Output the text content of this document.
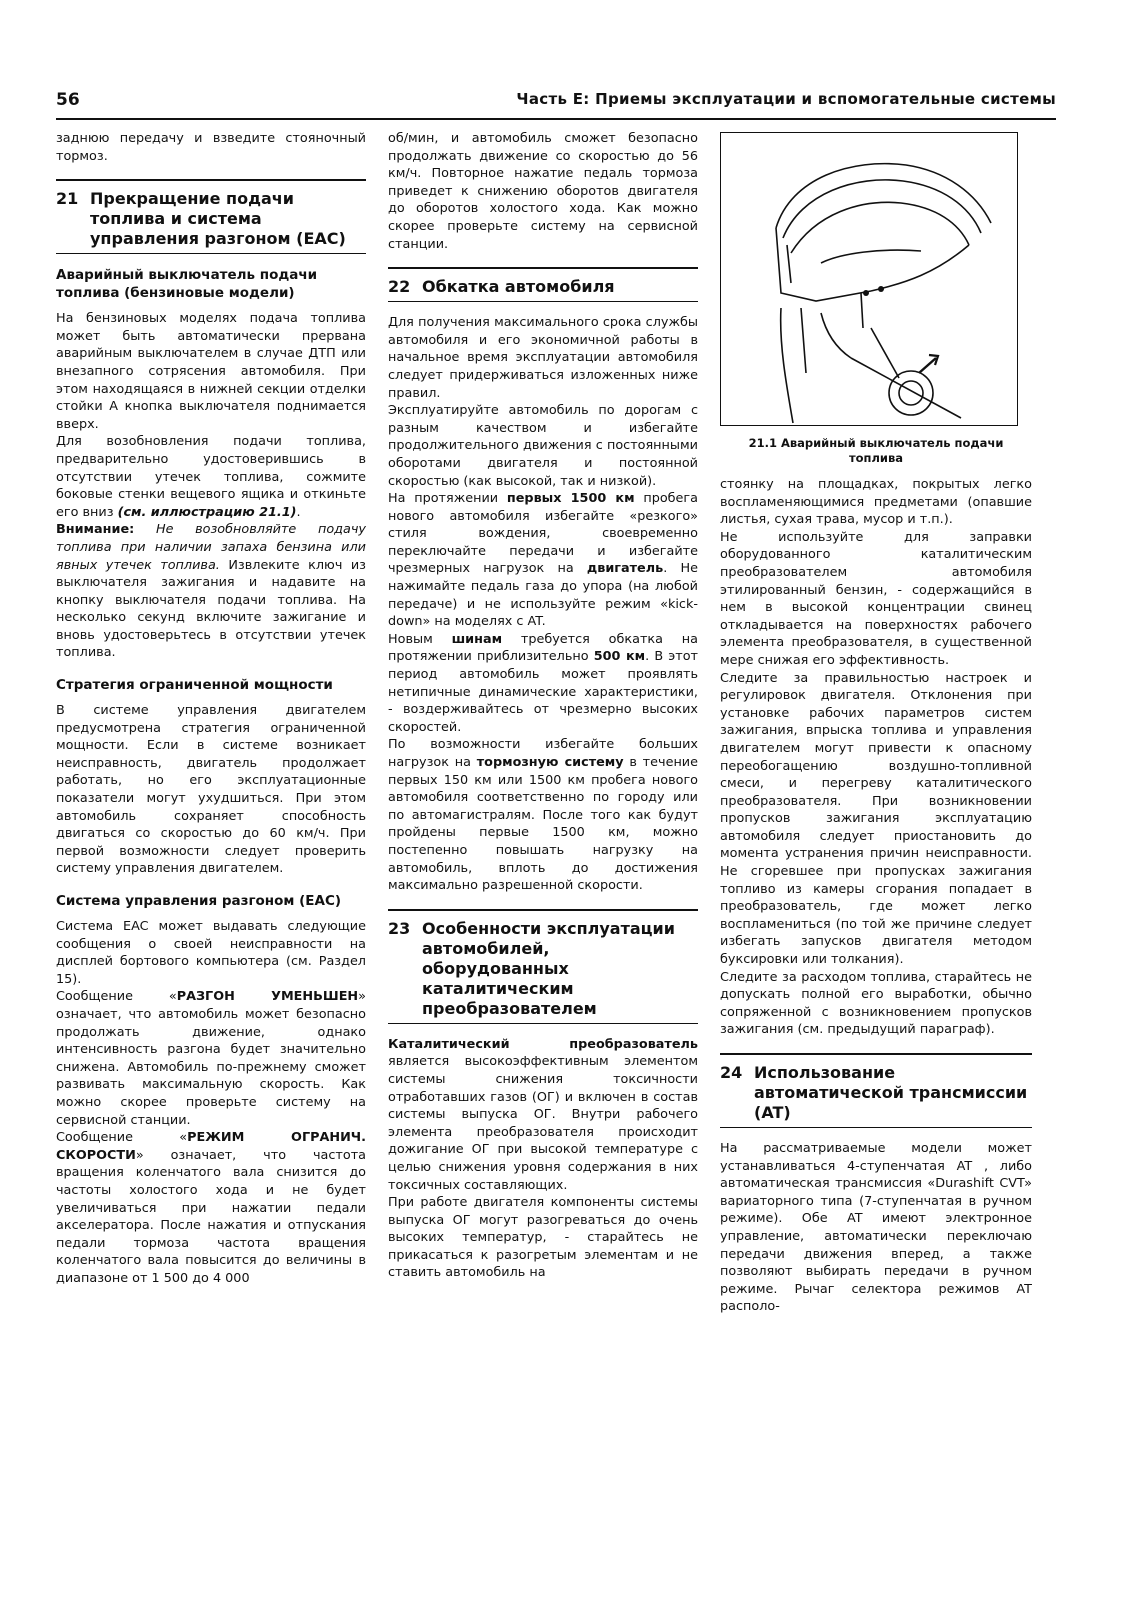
56	Часть E: Приемы эксплуатации и вспомогательные системы

заднюю передачу и взведите стояночный тормоз.

21 Прекращение подачи топлива и система управления разгоном (EAC)
Аварийный выключатель подачи топлива (бензиновые модели)

На бензиновых моделях подача топлива может быть автоматически прервана аварийным выключателем в случае ДТП или внезапного сотрясения автомобиля. При этом находящаяся в нижней секции отделки стойки А кнопка выключателя поднимается вверх.

Для возобновления подачи топлива, предварительно удостоверившись в отсутствии утечек топлива, сожмите боковые стенки вещевого ящика и откиньте его вниз (см. иллюстрацию 21.1).

Внимание: Не возобновляйте подачу топлива при наличии запаха бензина или явных утечек топлива. Извлеките ключ из выключателя зажигания и надавите на кнопку выключателя подачи топлива. На несколько секунд включите зажигание и вновь удостоверьтесь в отсутствии утечек топлива.

Стратегия ограниченной мощности

В системе управления двигателем предусмотрена стратегия ограниченной мощности. Если в системе возникает неисправность, двигатель продолжает работать, но его эксплуатационные показатели могут ухудшиться. При этом автомобиль сохраняет способность двигаться со скоростью до 60 км/ч. При первой возможности следует проверить систему управления двигателем.

Система управления разгоном (EAC)

Система EAC может выдавать следующие сообщения о своей неисправности на дисплей бортового компьютера (см. Раздел 15).

Сообщение «РАЗГОН УМЕНЬШЕН» означает, что автомобиль может безопасно продолжать движение, однако интенсивность разгона будет значительно снижена. Автомобиль по-прежнему сможет развивать максимальную скорость. Как можно скорее проверьте систему на сервисной станции.

Сообщение «РЕЖИМ ОГРАНИЧ. СКОРОСТИ» означает, что частота вращения коленчатого вала снизится до частоты холостого хода и не будет увеличиваться при нажатии педали акселератора. После нажатия и отпускания педали тормоза частота вращения коленчатого вала повысится до величины в диапазоне от 1 500 до 4 000

об/мин, и автомобиль сможет безопасно продолжать движение со скоростью до 56 км/ч. Повторное нажатие педаль тормоза приведет к снижению оборотов двигателя до оборотов холостого хода. Как можно скорее проверьте систему на сервисной станции.

22 Обкатка автомобиля

Для получения максимального срока службы автомобиля и его экономичной работы в начальное время эксплуатации автомобиля следует придерживаться изложенных ниже правил.

Эксплуатируйте автомобиль по дорогам с разным качеством и избегайте продолжительного движения с постоянными оборотами двигателя и постоянной скоростью (как высокой, так и низкой).

На протяжении первых 1500 км пробега нового автомобиля избегайте «резкого» стиля вождения, своевременно переключайте передачи и избегайте чрезмерных нагрузок на двигатель. Не нажимайте педаль газа до упора (на любой передаче) и не используйте режим «kick-down» на моделях с AT.

Новым шинам требуется обкатка на протяжении приблизительно 500 км. В этот период автомобиль может проявлять нетипичные динамические характеристики, - воздерживайтесь от чрезмерно высоких скоростей.

По возможности избегайте больших нагрузок на тормозную систему в течение первых 150 км или 1500 км пробега нового автомобиля соответственно по городу или по автомагистралям. После того как будут пройдены первые 1500 км, можно постепенно повышать нагрузку на автомобиль, вплоть до достижения максимально разрешенной скорости.

23 Особенности эксплуатации автомобилей, оборудованных каталитическим преобразователем

Каталитический преобразователь является высокоэффективным элементом системы снижения токсичности отработавших газов (ОГ) и включен в состав системы выпуска ОГ. Внутри рабочего элемента преобразователя происходит дожигание ОГ при высокой температуре с целью снижения уровня содержания в них токсичных составляющих.

При работе двигателя компоненты системы выпуска ОГ могут разогреваться до очень высоких температур, - старайтесь не прикасаться к разогретым элементам и не ставить автомобиль на

21.1 Аварийный выключатель подачи топлива

стоянку на площадках, покрытых легко воспламеняющимися предметами (опавшие листья, сухая трава, мусор и т.п.).

Не используйте для заправки оборудованного каталитическим преобразователем автомобиля этилированный бензин, - содержащийся в нем в высокой концентрации свинец откладывается на поверхностях рабочего элемента преобразователя, в существенной мере снижая его эффективность.

Следите за правильностью настроек и регулировок двигателя. Отклонения при установке рабочих параметров систем зажигания, впрыска топлива и управления двигателем могут привести к опасному переобогащению воздушно-топливной смеси, и перегреву каталитического преобразователя. При возникновении пропусков зажигания эксплуатацию автомобиля следует приостановить до момента устранения причин неисправности. Не сгоревшее при пропусках зажигания топливо из камеры сгорания попадает в преобразователь, где может легко воспламениться (по той же причине следует избегать запусков двигателя методом буксировки или толкания).

Следите за расходом топлива, старайтесь не допускать полной его выработки, обычно сопряженной с возникновением пропусков зажигания (см. предыдущий параграф).

24 Использование автоматической трансмиссии (AT)

На рассматриваемые модели может устанавливаться 4-ступенчатая AT , либо автоматическая трансмиссия «Durashift CVT» вариаторного типа (7-ступенчатая в ручном режиме). Обе AT имеют электронное управление, автоматически переключаю передачи движения вперед, а также позволяют выбирать передачи в ручном режиме. Рычаг селектора режимов AT располо-
